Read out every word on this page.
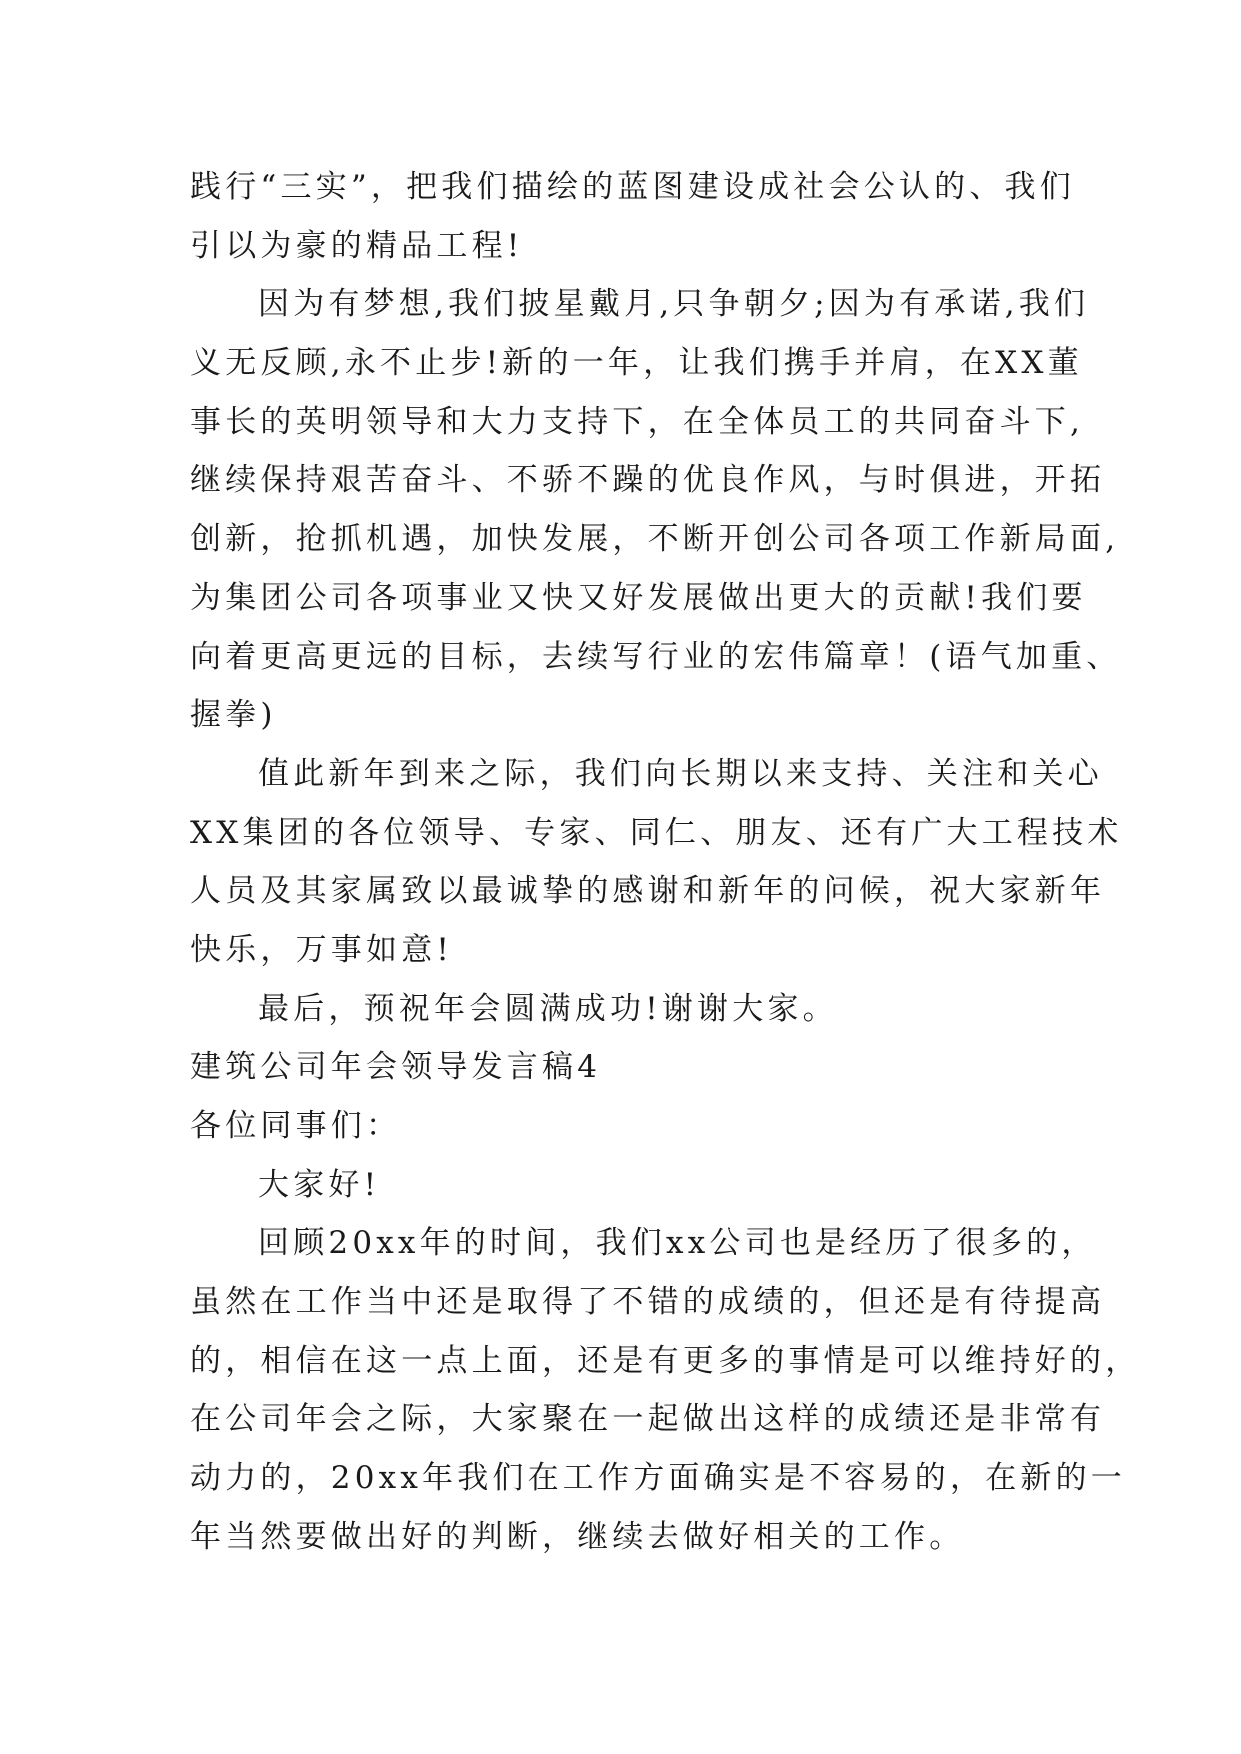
践行“三实”，把我们描绘的蓝图建设成社会公认的、我们
引以为豪的精品工程!
因为有梦想,我们披星戴月,只争朝夕;因为有承诺,我们
义无反顾,永不止步!新的一年，让我们携手并肩，在XX董
事长的英明领导和大力支持下，在全体员工的共同奋斗下,
继续保持艰苦奋斗、不骄不躁的优良作风，与时俱进，开拓
创新，抢抓机遇，加快发展，不断开创公司各项工作新局面,
为集团公司各项事业又快又好发展做出更大的贡献!我们要
向着更高更远的目标，去续写行业的宏伟篇章！(语气加重、
握拳)
值此新年到来之际，我们向长期以来支持、关注和关心
XX集团的各位领导、专家、同仁、朋友、还有广大工程技术
人员及其家属致以最诚挚的感谢和新年的问候，祝大家新年
快乐，万事如意!
最后，预祝年会圆满成功!谢谢大家。
建筑公司年会领导发言稿4
各位同事们：
大家好!
回顾20xx年的时间，我们xx公司也是经历了很多的，
虽然在工作当中还是取得了不错的成绩的，但还是有待提高
的，相信在这一点上面，还是有更多的事情是可以维持好的，
在公司年会之际，大家聚在一起做出这样的成绩还是非常有
动力的，20xx年我们在工作方面确实是不容易的，在新的一
年当然要做出好的判断，继续去做好相关的工作。
